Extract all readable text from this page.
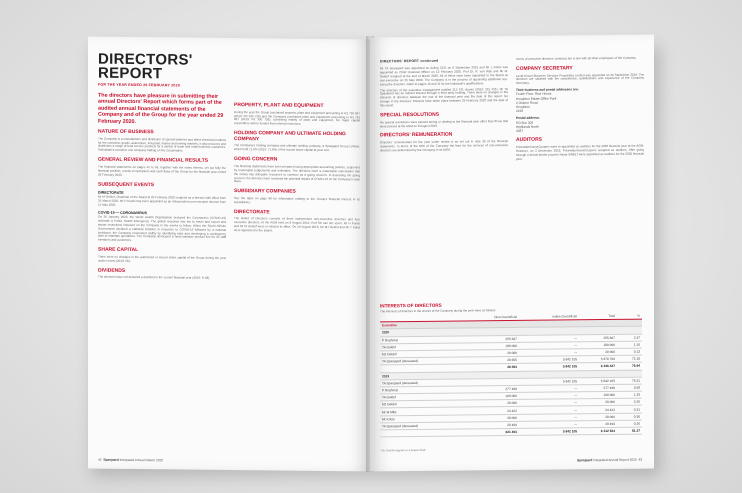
DIRECTORS'
REPORT
FOR THE YEAR ENDED 29 FEBRUARY 2020
The directors have pleasure in submitting their annual Directors' Report which forms part of the audited annual financial statements of the Company and of the Group for the year ended 29 February 2020.
NATURE OF BUSINESS

The Company is a manufacturer and distributor of special batteries and allied chemical products for the consumer goods, automotive, industrial, marine and mining markets. It also procures and distributes a range of food service products for a variety of trade and retail business customers. Subsidiaries comprise one company trading on the Cooperative.

GENERAL REVIEW AND FINANCIAL RESULTS

The financial statements on pages 45 to 98, together with the notes thereto, set out fully the financial position, results of operations and cash flows of the Group for the financial year ended 29 February 2020.

SUBSEQUENT EVENTS
DIRECTORATE

Mr M Geldof, Chairman of the Board at 29 February 2020 resigned as a director with effect from 31 March 2020. Mr H Koolis has been appointed as an independent non-executive director from 15 May 2020.

COVID-19 — CORONAVIRUS

On 30 January 2020, the World Health Organization declared the Coronavirus (COVID-19) outbreak a Public Health Emergency. The global response has led to travel and export and import restrictions imposed on the Company in the weeks to follow. When the South African Government declared a National Disaster in response to COVID-19 followed by a national lockdown, the Company responded swiftly by identifying risks and developing a contingency plan to maintain operations. The Company developed a hand sanitiser product line for its staff members and customers.

SHARE CAPITAL

There were no changes in the authorised or issued share capital of the Group during the year under review (2019: Nil).

DIVIDENDS

The directors have not declared a dividend in the current financial year (2019: R Nil).

PROPERTY, PLANT AND EQUIPMENT

During the year the Group purchased property, plant and equipment amounting to R2 792 067 (2019: R3 390 726) and the Company purchased plant and equipment amounting to R2 792 067 (2019: R3 390 726), consisting mainly of plant and equipment. No major capital expenditure will be funded from internal resources.

HOLDING COMPANY AND ULTIMATE HOLDING COMPANY

The Company's holding company and ultimate holding company is Spanjaard Group Limited, which held 71.8% (2019: 71.8%) of the issued share capital at year end.

GOING CONCERN

The financial statements have been prepared using appropriate accounting policies, supported by reasonable judgements and estimates. The directors have a reasonable expectation that the Group has adequate resources to continue as a going concern. In assessing the going concern, the directors have reviewed the potential impact of COVID-19 on the Company's cash flows.

SUBSIDIARY COMPANIES

See the table on page 86 for information relating to the Group's financial interest in its subsidiaries.

DIRECTORATE

The Board of Directors consists of three independent non-executive directors and four executive directors. At the AGM held on 8 August 2019, Prof SP van der Vyver, Mr H Koolis and Mr M Geldof were re-elected to office. On 20 August 2019, Mr MJ Geldof and Mr T Kolisi were appointed to the Board.

42 Spanjaard Integrated Annual Report 2020
DIRECTORS' REPORT continued

Mr TA Spanjaard was appointed as Acting CEO on 6 September 2019 and Mr L Kotze was appointed as Chief Financial Officer on 12 February 2020. Prof Dr. R. van Wyk and Mr M. Geldof resigned at the end of March 2020. All of these have been appointed to the Board as non-executive on 25 May 2020. The Company is in the process of appointing additional non-executive directors. Refer to pages 10 and 11 for the individual's qualifications.

The directors of the executive management totalled 315 431 shares (2019: 315 431). Mr TA Spanjaard has an indirect interest through a third party holding. There were no changes in the interests of directors between the end of the financial year and the date of this report. No change in the directors' interests have taken place between 29 February 2020 and the date of this report.

SPECIAL RESOLUTIONS

No special resolutions were passed during or relating to the financial year other than those that were passed at the AGM on 8 August 2019.

DIRECTORS' REMUNERATION

Directors' remuneration for the year under review is as set out in note 26 of the financial statements. In terms of the MOI of the Company the fees for the services of non-executive directors are determined by the Company in its AGM.

Terms of executive directors' contracts are in line with all other employees of the Company.

COMPANY SECRETARY

Levitt Kirson Business Services Proprietary Limited was appointed on 20 September 2019. The directors are satisfied with the competence, qualifications and experience of the Company Secretary.

Their business and postal addresses are:
Fourth Floor, Rice House
Houghton Estate Office Park
2 Osborn Road
Houghton
2198
Postal address:
PO Box 205
Highlands North
2037
AUDITORS

PricewaterhouseCoopers were re-appointed as auditors for the 2020 financial year at the AGM. However, on 3 December 2019, PricewaterhouseCoopers resigned as auditors. After going through a formal tender process Nexia SAB&T were appointed as auditors for the 2020 financial year.

INTERESTS OF DIRECTORS
The interests of directors in the shares of the Company during the year were as follows:
	Direct beneficial	Indirect beneficial	Total	%
Executive				
2020				
P Roghmat	255 667	—	255 667	2.47
TA Geldof	180 000	—	180 000	1.16
MJ Geldof	20 000	—	20 000	0.13
TA Spanjaard (deceased)	28 655	5 842 105	5 870 760	72.18
	26 053	5 842 105	6 336 427	76.94
2019				
TA Spanjaard (deceased)		5 842 105	5 842 105	75.31
P Roghmat	277 498	—	277 498	3.58
TA Geldof	100 000	—	100 000	1.29
MJ Geldof	20 000	—	20 000	0.26
Mr M Mills	24 422	—	24 422	0.31
Mr Kotze	28 000	—	28 000	0.36
TA Spanjaard (deceased)	20 499	—	20 499	0.26
	321 403	5 842 105	6 312 524	81.37
* Mr. Gedolf resigned on 6 August 2019.
Spanjaard Integrated Annual Report 2020 43
